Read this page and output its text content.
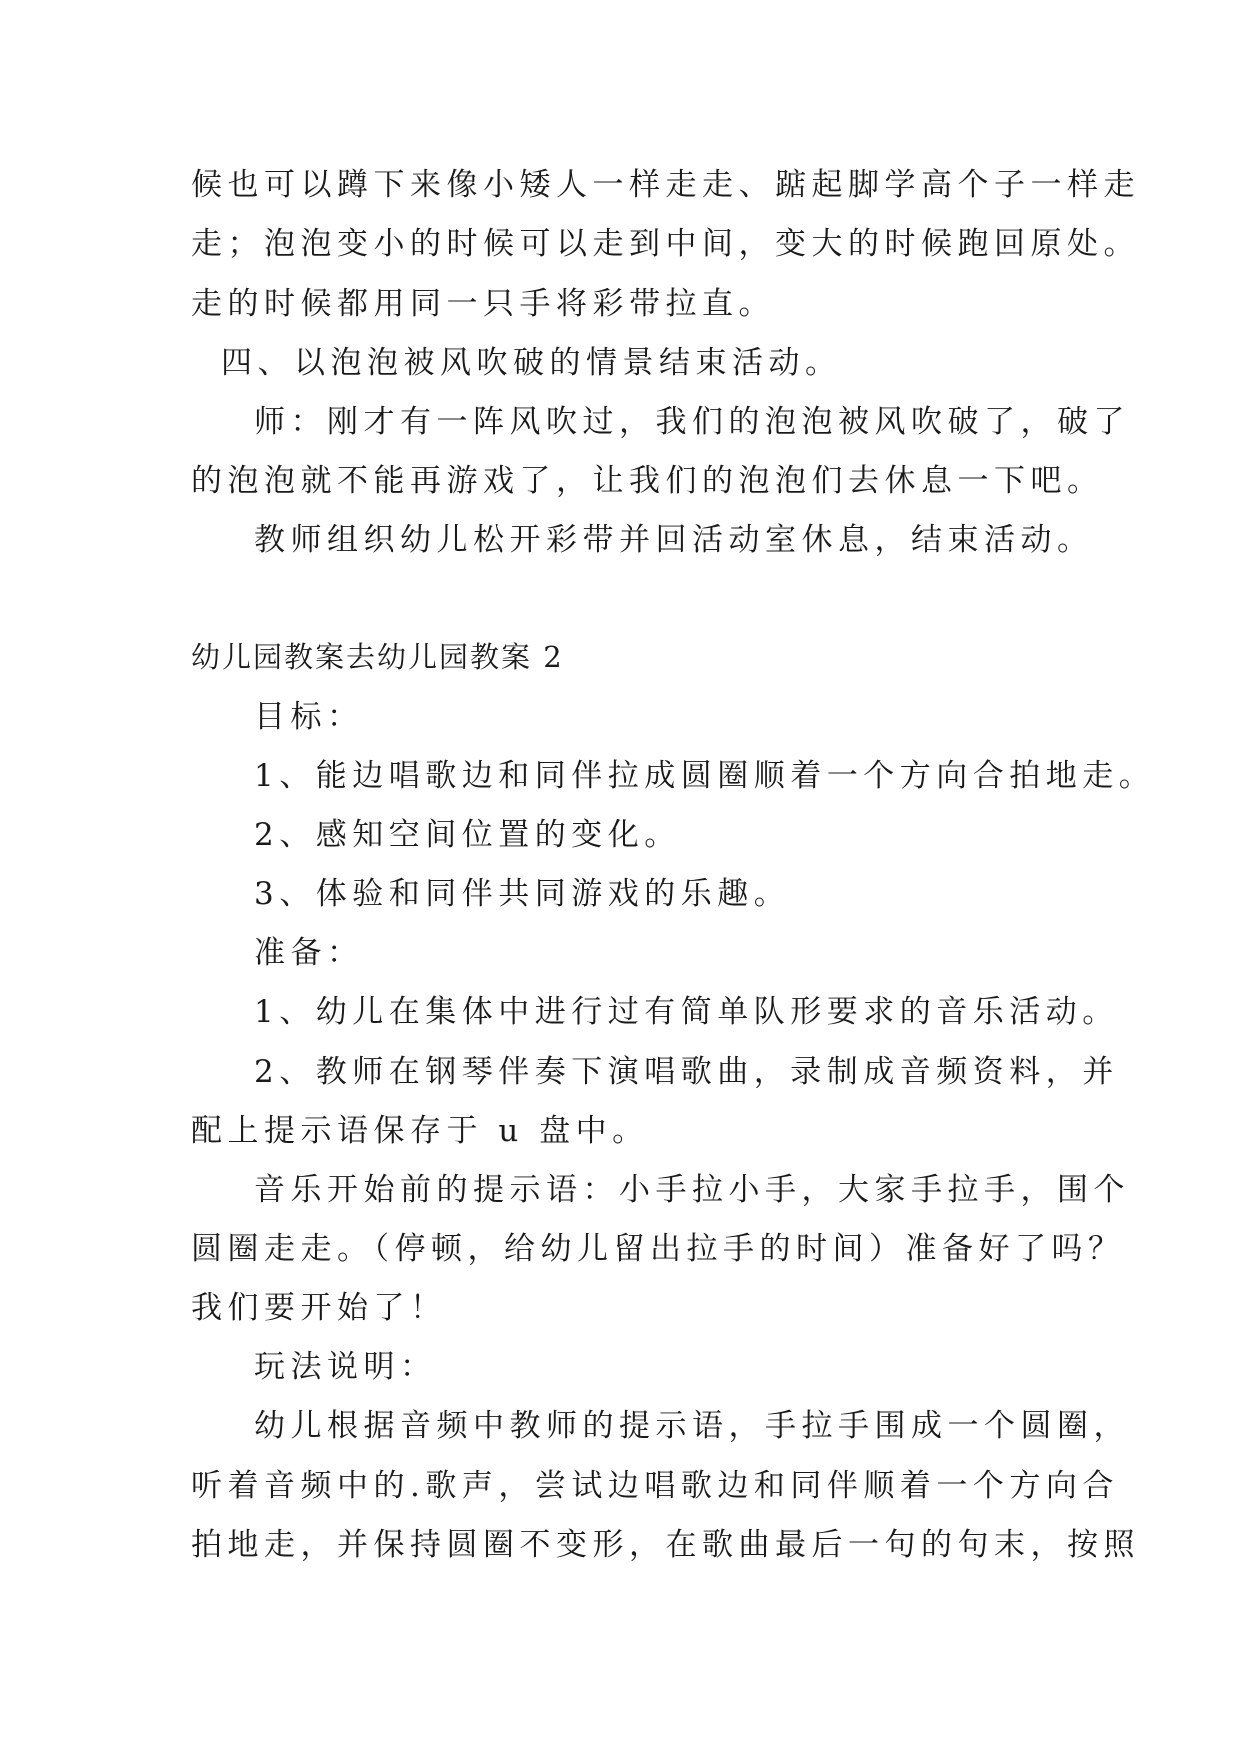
候也可以蹲下来像小矮人一样走走、踮起脚学高个子一样走
走；泡泡变小的时候可以走到中间，变大的时候跑回原处。
走的时候都用同一只手将彩带拉直。
四、以泡泡被风吹破的情景结束活动。
师：刚才有一阵风吹过，我们的泡泡被风吹破了，破了
的泡泡就不能再游戏了，让我们的泡泡们去休息一下吧。
教师组织幼儿松开彩带并回活动室休息，结束活动。
幼儿园教案去幼儿园教案 2
目标：
1、能边唱歌边和同伴拉成圆圈顺着一个方向合拍地走。
2、感知空间位置的变化。
3、体验和同伴共同游戏的乐趣。
准备：
1、幼儿在集体中进行过有简单队形要求的音乐活动。
2、教师在钢琴伴奏下演唱歌曲，录制成音频资料，并
配上提示语保存于 u 盘中。
音乐开始前的提示语：小手拉小手，大家手拉手，围个
圆圈走走。（停顿，给幼儿留出拉手的时间）准备好了吗？
我们要开始了！
玩法说明：
幼儿根据音频中教师的提示语，手拉手围成一个圆圈，
听着音频中的.歌声，尝试边唱歌边和同伴顺着一个方向合
拍地走，并保持圆圈不变形，在歌曲最后一句的句末，按照
